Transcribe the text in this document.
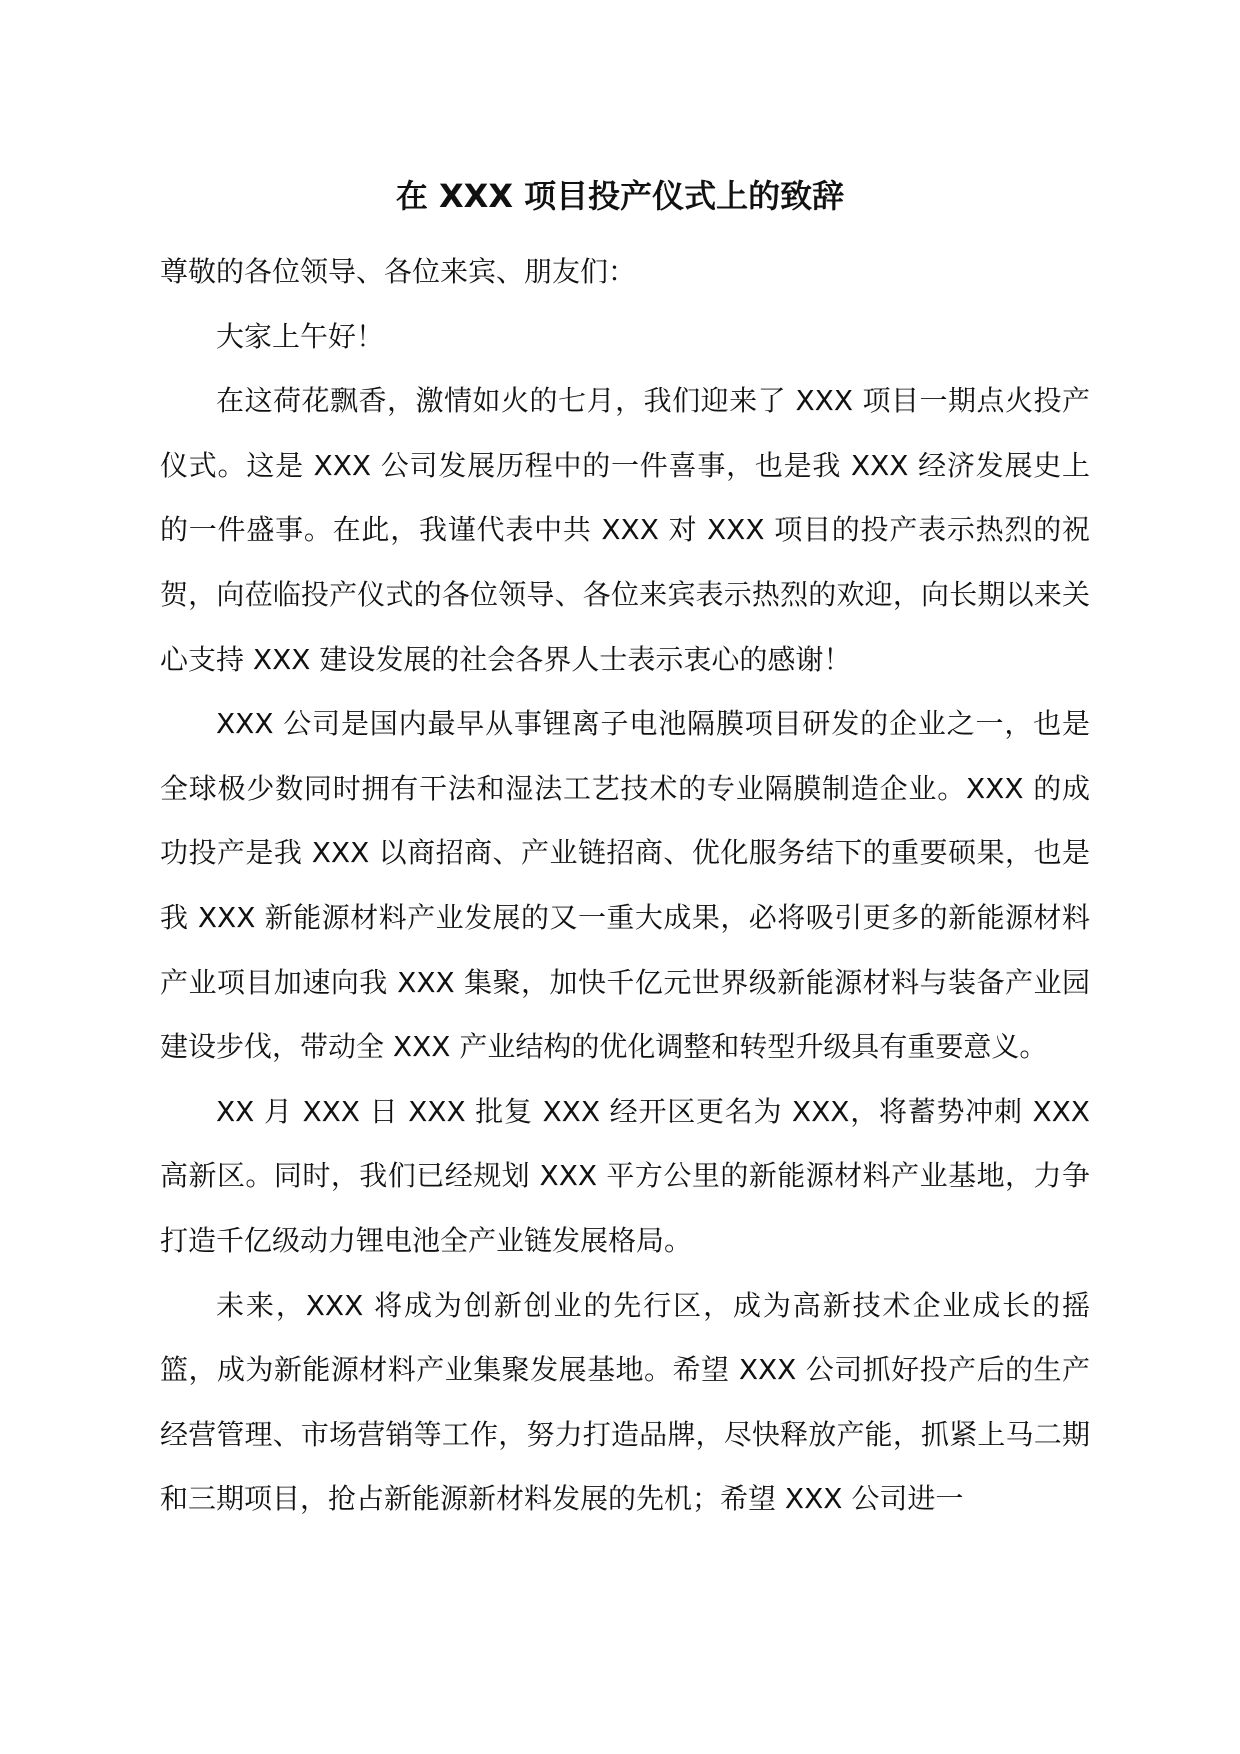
在 XXX 项目投产仪式上的致辞

尊敬的各位领导、各位来宾、朋友们：

大家上午好！

在这荷花飘香，激情如火的七月，我们迎来了 XXX 项目一期点火投产仪式。这是 XXX 公司发展历程中的一件喜事，也是我 XXX 经济发展史上的一件盛事。在此，我谨代表中共 XXX 对 XXX 项目的投产表示热烈的祝贺，向莅临投产仪式的各位领导、各位来宾表示热烈的欢迎，向长期以来关心支持 XXX 建设发展的社会各界人士表示衷心的感谢！

XXX 公司是国内最早从事锂离子电池隔膜项目研发的企业之一，也是全球极少数同时拥有干法和湿法工艺技术的专业隔膜制造企业。XXX 的成功投产是我 XXX 以商招商、产业链招商、优化服务结下的重要硕果，也是我 XXX 新能源材料产业发展的又一重大成果，必将吸引更多的新能源材料产业项目加速向我 XXX 集聚，加快千亿元世界级新能源材料与装备产业园建设步伐，带动全 XXX 产业结构的优化调整和转型升级具有重要意义。

XX 月 XXX 日 XXX 批复 XXX 经开区更名为 XXX，将蓄势冲刺 XXX 高新区。同时，我们已经规划 XXX 平方公里的新能源材料产业基地，力争打造千亿级动力锂电池全产业链发展格局。

未来，XXX 将成为创新创业的先行区，成为高新技术企业成长的摇篮，成为新能源材料产业集聚发展基地。希望 XXX 公司抓好投产后的生产经营管理、市场营销等工作，努力打造品牌，尽快释放产能，抓紧上马二期和三期项目，抢占新能源新材料发展的先机；希望 XXX 公司进一
